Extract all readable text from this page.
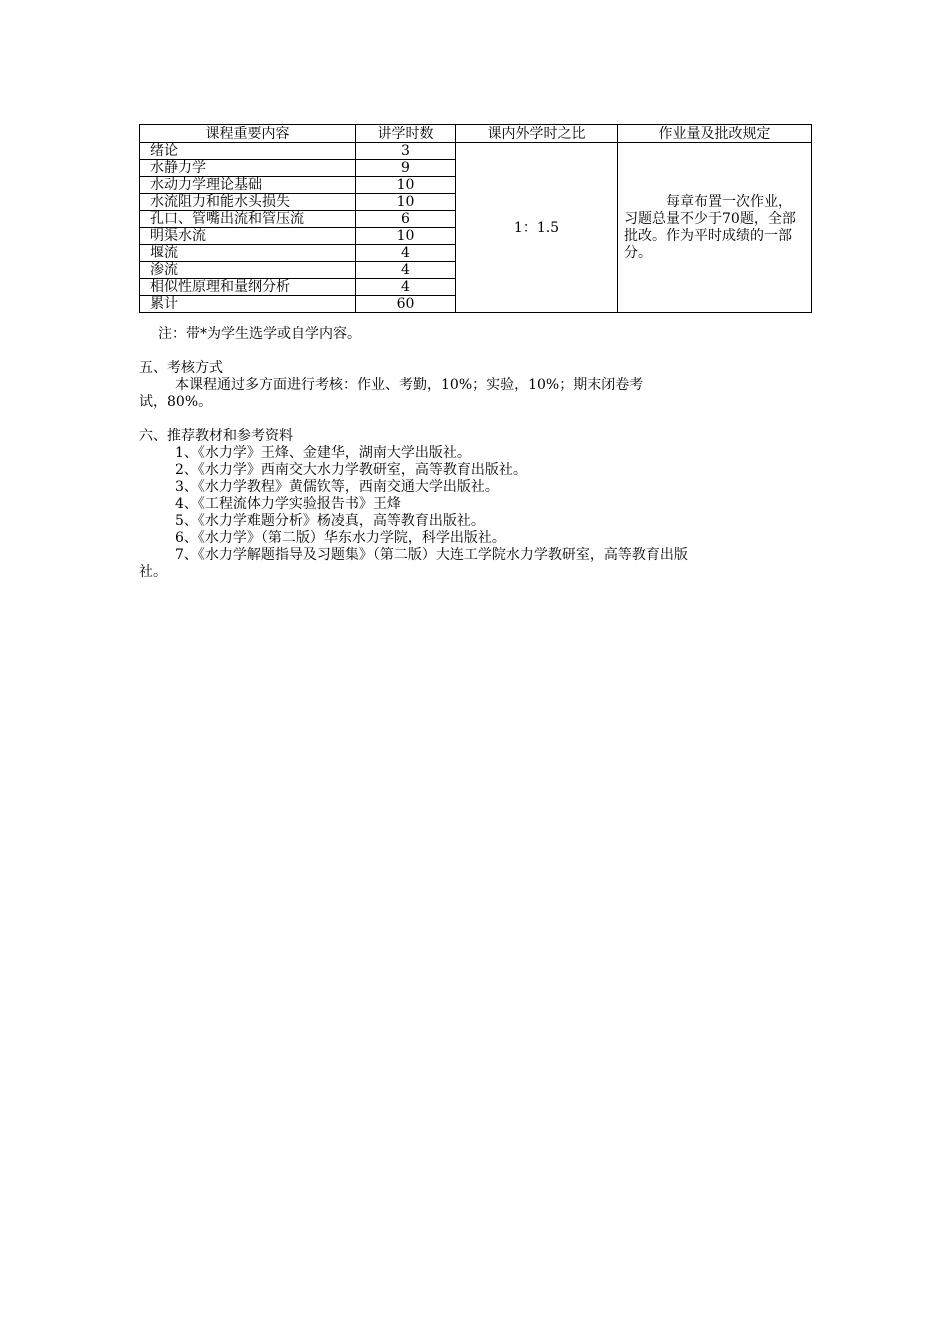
课程重要内容	讲学时数	课内外学时之比	作业量及批改规定
绪论	3	1：1.5	每章布置一次作业，习题总量不少于70题，全部批改。作为平时成绩的一部分。

水静力学	9		
水动力学理论基础	10		
水流阻力和能水头损失	10		
孔口、管嘴出流和管压流	6		
明渠水流	10		
堰流	4		
渗流	4		
相似性原理和量纲分析	4		
累计	60		
注：带*为学生选学或自学内容。
五、考核方式
本课程通过多方面进行考核：作业、考勤，10%；实验，10%；期末闭卷考
试，80%。
六、推荐教材和参考资料
1、《水力学》王烽、金建华，湖南大学出版社。
2、《水力学》西南交大水力学教研室，高等教育出版社。
3、《水力学教程》黄儒钦等，西南交通大学出版社。
4、《工程流体力学实验报告书》王烽
5、《水力学难题分析》杨凌真，高等教育出版社。
6、《水力学》（第二版）华东水力学院，科学出版社。
7、《水力学解题指导及习题集》（第二版）大连工学院水力学教研室，高等教育出版
社。
